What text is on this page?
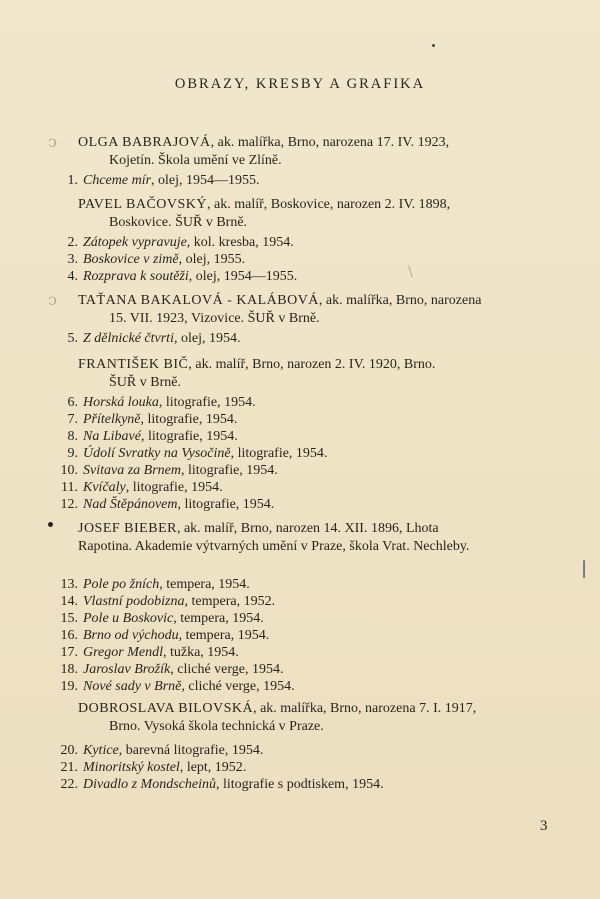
OBRAZY, KRESBY A GRAFIKA
OLGA BABRAJOVÁ, ak. malířka, Brno, narozena 17. IV. 1923,
Kojetín. Škola umění ve Zlíně.
1. Chceme mír, olej, 1954—1955.
PAVEL BAČOVSKÝ, ak. malíř, Boskovice, narozen 2. IV. 1898,
Boskovice. ŠUŘ v Brně.
2. Zátopek vypravuje, kol. kresba, 1954.
3. Boskovice v zimě, olej, 1955.
4. Rozprava k soutěži, olej, 1954—1955.
TAŤANA BAKALOVÁ - KALÁBOVÁ, ak. malířka, Brno, narozena
15. VII. 1923, Vizovice. ŠUŘ v Brně.
5. Z dělnické čtvrti, olej, 1954.
FRANTIŠEK BIČ, ak. malíř, Brno, narozen 2. IV. 1920, Brno.
ŠUŘ v Brně.
6. Horská louka, litografie, 1954.
7. Přítelkyně, litografie, 1954.
8. Na Libavé, litografie, 1954.
9. Údolí Svratky na Vysočině, litografie, 1954.
10. Svitava za Brnem, litografie, 1954.
11. Kvíčaly, litografie, 1954.
12. Nad Štěpánovem, litografie, 1954.
JOSEF BIEBER, ak. malíř, Brno, narozen 14. XII. 1896, Lhota
Rapotina. Akademie výtvarných umění v Praze, škola Vrat. Nechleby.
13. Pole po žních, tempera, 1954.
14. Vlastní podobizna, tempera, 1952.
15. Pole u Boskovic, tempera, 1954.
16. Brno od východu, tempera, 1954.
17. Gregor Mendl, tužka, 1954.
18. Jaroslav Brožík, cliché verge, 1954.
19. Nové sady v Brně, cliché verge, 1954.
DOBROSLAVA BILOVSKÁ, ak. malířka, Brno, narozena 7. I. 1917,
Brno. Vysoká škola technická v Praze.
20. Kytice, barevná litografie, 1954.
21. Minoritský kostel, lept, 1952.
22. Divadlo z Mondscheinů, litografie s podtiskem, 1954.
3
ↄ
ↄ
\
|
